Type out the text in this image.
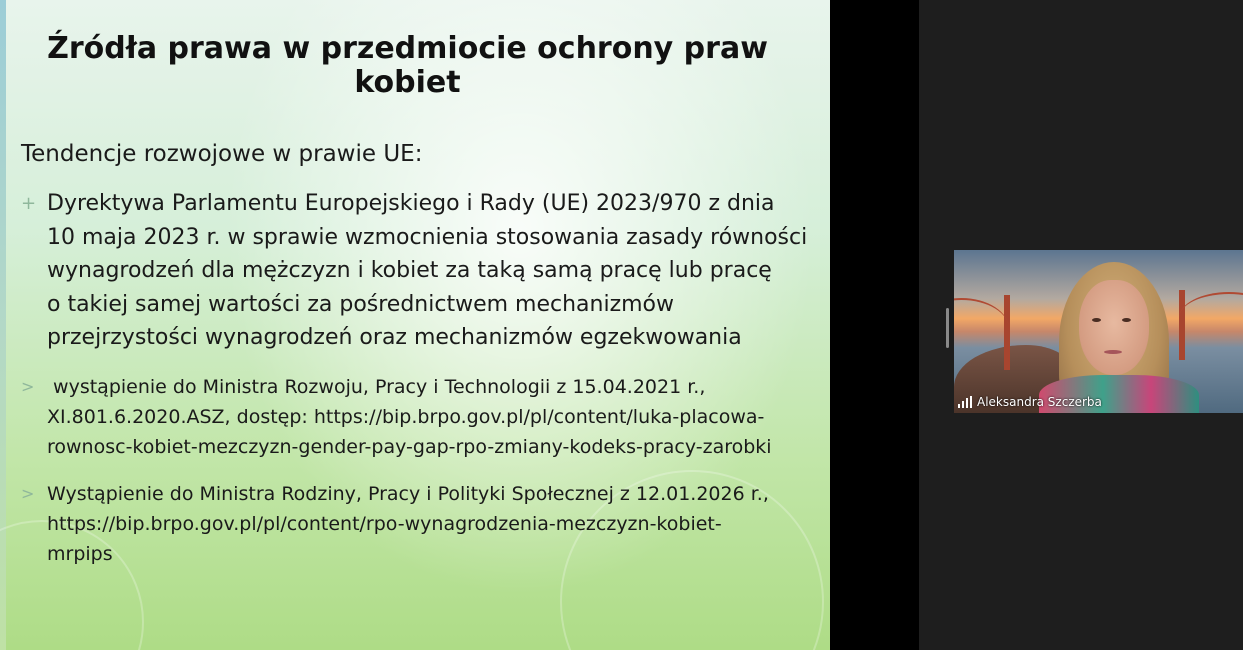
Źródła prawa w przedmiocie ochrony praw
kobiet
Tendencje rozwojowe w prawie UE:
+ Dyrektywa Parlamentu Europejskiego i Rady (UE) 2023/970 z dnia
10 maja 2023 r. w sprawie wzmocnienia stosowania zasady równości
wynagrodzeń dla mężczyzn i kobiet za taką samą pracę lub pracę
o takiej samej wartości za pośrednictwem mechanizmów
przejrzystości wynagrodzeń oraz mechanizmów egzekwowania
> wystąpienie do Ministra Rozwoju, Pracy i Technologii z 15.04.2021 r.,
XI.801.6.2020.ASZ, dostęp: https://bip.brpo.gov.pl/pl/content/luka-placowa-
rownosc-kobiet-mezczyzn-gender-pay-gap-rpo-zmiany-kodeks-pracy-zarobki
> Wystąpienie do Ministra Rodziny, Pracy i Polityki Społecznej z 12.01.2026 r.,
https://bip.brpo.gov.pl/pl/content/rpo-wynagrodzenia-mezczyzn-kobiet-
mrpips
Aleksandra Szczerba
